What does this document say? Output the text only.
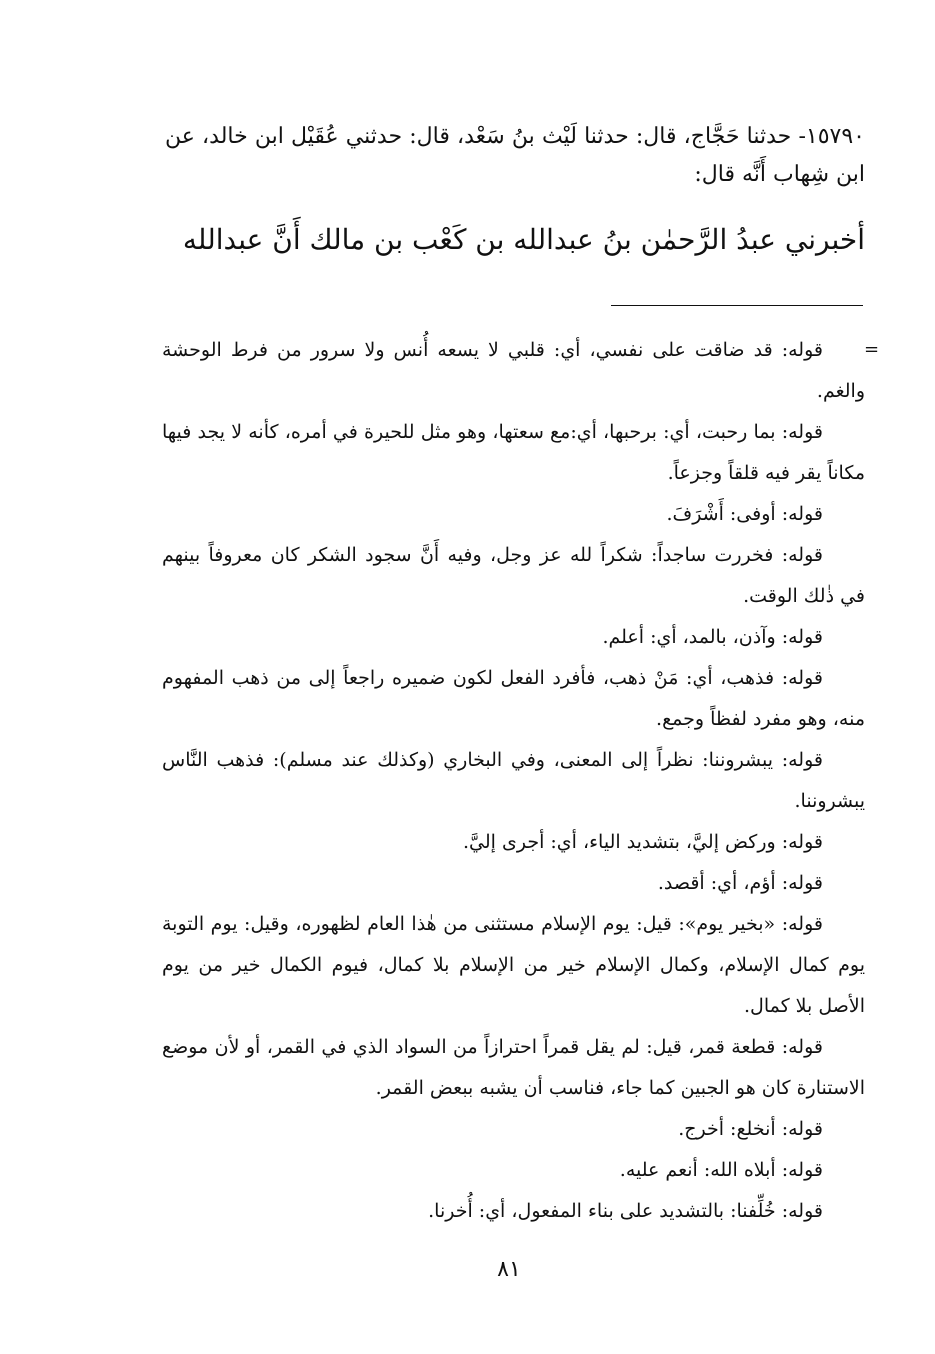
١٥٧٩٠- حدثنا حَجَّاج، قال: حدثنا لَيْث بنُ سَعْد، قال: حدثني عُقَيْل ابن خالد، عن ابن شِهاب أَنَّه قال:
أخبرني عبدُ الرَّحمٰن بنُ عبدالله بن كَعْب بن مالك أَنَّ عبدالله
=

قوله: قد ضاقت على نفسي، أي: قلبي لا يسعه أُنس ولا سرور من فرط الوحشة والغم.

قوله: بما رحبت، أي: برحبها، أي:مع سعتها، وهو مثل للحيرة في أمره، كأنه لا يجد فيها مكاناً يقر فيه قلقاً وجزعاً.

قوله: أوفى: أَشْرَفَ.

قوله: فخررت ساجداً: شكراً لله عز وجل، وفيه أَنَّ سجود الشكر كان معروفاً بينهم في ذٰلك الوقت.

قوله: وآذن، بالمد، أي: أعلم.

قوله: فذهب، أي: مَنْ ذهب، فأفرد الفعل لكون ضميره راجعاً إلى من ذهب المفهوم منه، وهو مفرد لفظاً وجمع.

قوله: يبشروننا: نظراً إلى المعنى، وفي البخاري (وكذلك عند مسلم): فذهب النَّاس يبشروننا.

قوله: وركض إليَّ، بتشديد الياء، أي: أجرى إليَّ.

قوله: أؤم، أي: أقصد.

قوله: «بخير يوم»: قيل: يوم الإسلام مستثنى من هٰذا العام لظهوره، وقيل: يوم التوبة يوم كمال الإسلام، وكمال الإسلام خير من الإسلام بلا كمال، فيوم الكمال خير من يوم الأصل بلا كمال.

قوله: قطعة قمر، قيل: لم يقل قمراً احترازاً من السواد الذي في القمر، أو لأن موضع الاستنارة كان هو الجبين كما جاء، فناسب أن يشبه ببعض القمر.

قوله: أنخلع: أخرج.

قوله: أبلاه الله: أنعم عليه.

قوله: خُلِّفنا: بالتشديد على بناء المفعول، أي: أُخرنا.

٨١
